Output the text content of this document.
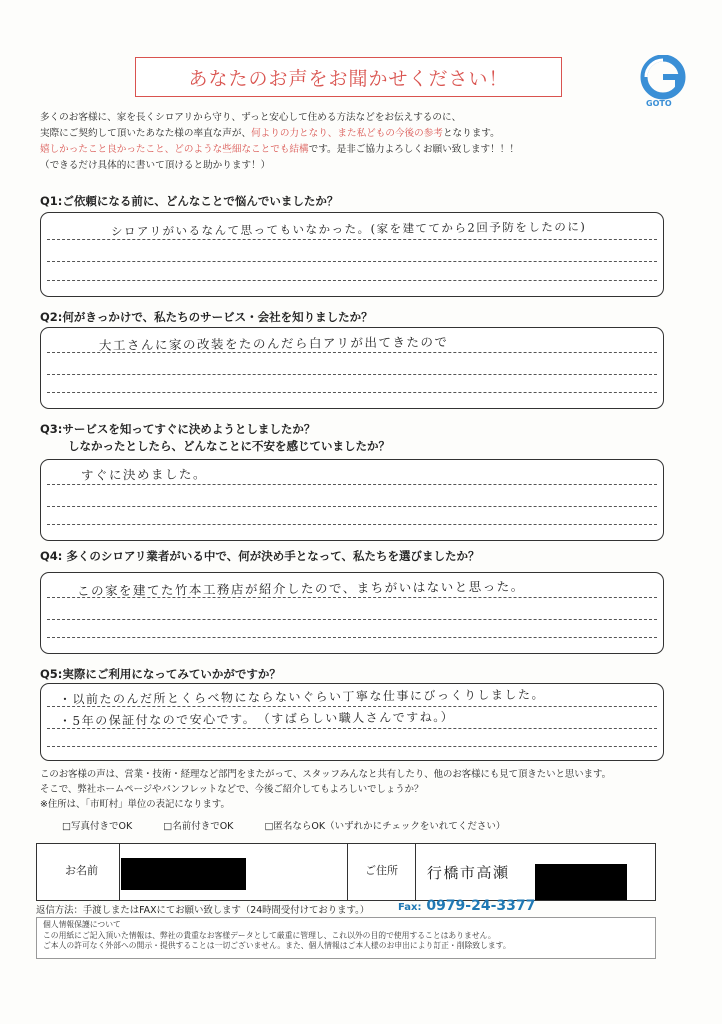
あなたのお声をお聞かせください！
GOTO
多くのお客様に、家を長くシロアリから守り、ずっと安心して住める方法などをお伝えするのに、
実際にご契約して頂いたあなた様の率直な声が、何よりの力となり、また私どもの今後の参考となります。
嬉しかったこと良かったこと、どのような些細なことでも結構です。是非ご協力よろしくお願い致します！！！
（できるだけ具体的に書いて頂けると助かります！）
Q1:ご依頼になる前に、どんなことで悩んでいましたか？
シロアリがいるなんて思ってもいなかった。(家を建ててから2回予防をしたのに)
Q2:何がきっかけで、私たちのサービス・会社を知りましたか？
大工さんに家の改装をたのんだら白アリが出てきたので
Q3:サービスを知ってすぐに決めようとしましたか？
しなかったとしたら、どんなことに不安を感じていましたか？
すぐに決めました。
Q4: 多くのシロアリ業者がいる中で、何が決め手となって、私たちを選びましたか？
この家を建てた竹本工務店が紹介したので、まちがいはないと思った。
Q5:実際にご利用になってみていかがですか？
・以前たのんだ所とくらべ物にならないぐらい丁寧な仕事にびっくりしました。
・5年の保証付なので安心です。　（すばらしい職人さんですね。）
このお客様の声は、営業・技術・経理など部門をまたがって、スタッフみんなと共有したり、他のお客様にも見て頂きたいと思います。
そこで、弊社ホームページやパンフレットなどで、今後ご紹介してもよろしいでしょうか？
※住所は、「市町村」単位の表記になります。
□写真付きでOK	□名前付きでOK	□匿名ならOK（いずれかにチェックをいれてください）
お名前	ご住所 行橋市高瀬
返信方法：手渡しまたはFAXにてお願い致します（24時間受付けております。）	Fax: 0979-24-3377
個人情報保護について
この用紙にご記入頂いた情報は、弊社の貴重なお客様データとして厳重に管理し、これ以外の目的で使用することはありません。
ご本人の許可なく外部への開示・提供することは一切ございません。また、個人情報はご本人様のお申出により訂正・削除致します。
